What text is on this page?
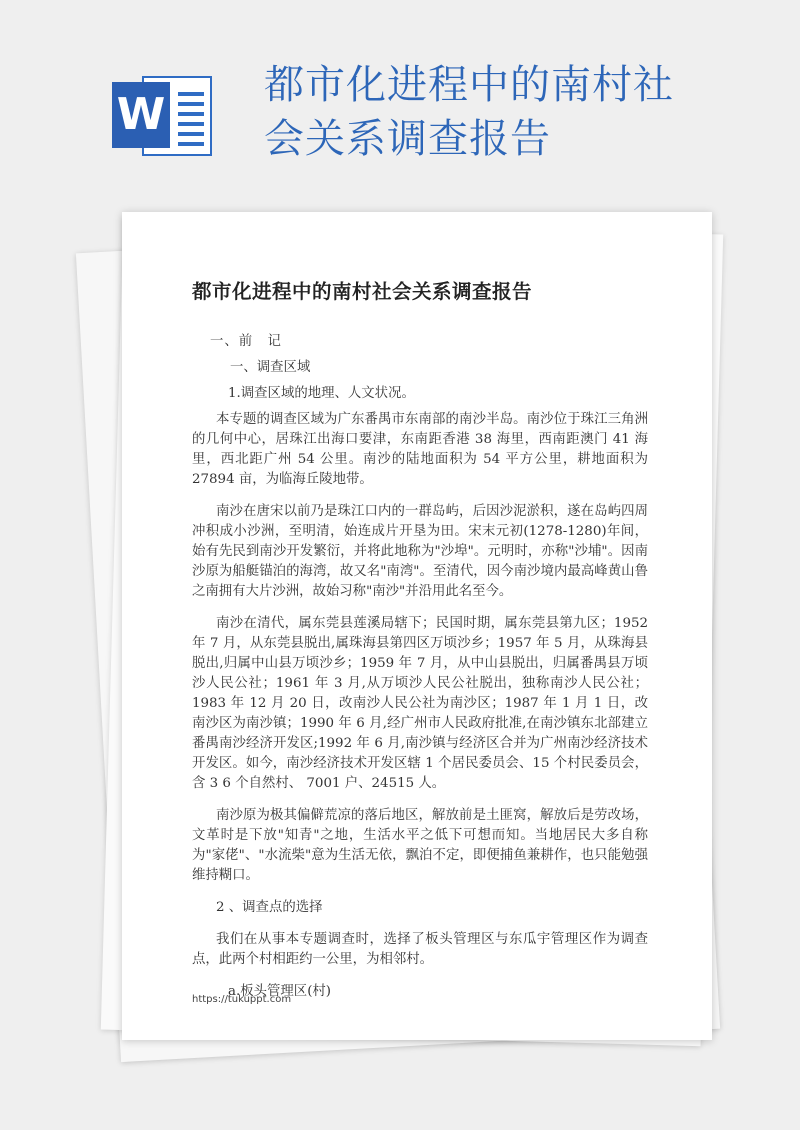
W
都市化进程中的南村社会关系调查报告
都市化进程中的南村社会关系调查报告

一、前　记

一、调查区域

1.调查区域的地理、人文状况。

本专题的调查区域为广东番禺市东南部的南沙半岛。南沙位于珠江三角洲的几何中心，居珠江出海口要津，东南距香港 38 海里，西南距澳门 41 海里，西北距广州 54 公里。南沙的陆地面积为 54 平方公里，耕地面积为 27894 亩，为临海丘陵地带。

南沙在唐宋以前乃是珠江口内的一群岛屿，后因沙泥淤积，遂在岛屿四周冲积成小沙洲，至明清，始连成片开垦为田。宋末元初(1278-1280)年间，始有先民到南沙开发繁衍，并将此地称为"沙埠"。元明时，亦称"沙埔"。因南沙原为船艇锚泊的海湾，故又名"南湾"。至清代，因今南沙境内最高峰黄山鲁之南拥有大片沙洲，故始习称"南沙"并沿用此名至今。

南沙在清代，属东莞县莲溪局辖下；民国时期，属东莞县第九区；1952 年 7 月，从东莞县脱出,属珠海县第四区万顷沙乡；1957 年 5 月，从珠海县脱出,归属中山县万顷沙乡；1959 年 7 月，从中山县脱出，归属番禺县万顷沙人民公社；1961 年 3 月,从万顷沙人民公社脱出，独称南沙人民公社；1983 年 12 月 20 日，改南沙人民公社为南沙区；1987 年 1 月 1 日，改南沙区为南沙镇；1990 年 6 月,经广州市人民政府批准,在南沙镇东北部建立番禺南沙经济开发区;1992 年 6 月,南沙镇与经济区合并为广州南沙经济技术开发区。如今，南沙经济技术开发区辖 1 个居民委员会、15 个村民委员会，含 3 6 个自然村、 7001 户、24515 人。

南沙原为极其偏僻荒凉的落后地区，解放前是土匪窝，解放后是劳改场，文革时是下放"知青"之地，生活水平之低下可想而知。当地居民大多自称为"家佬"、"水流柴"意为生活无依，飘泊不定，即便捕鱼兼耕作，也只能勉强维持糊口。

2 、调查点的选择

我们在从事本专题调查时，选择了板头管理区与东瓜宇管理区作为调查点，此两个村相距约一公里，为相邻村。

a.板头管理区(村)

https://tukuppt.com
